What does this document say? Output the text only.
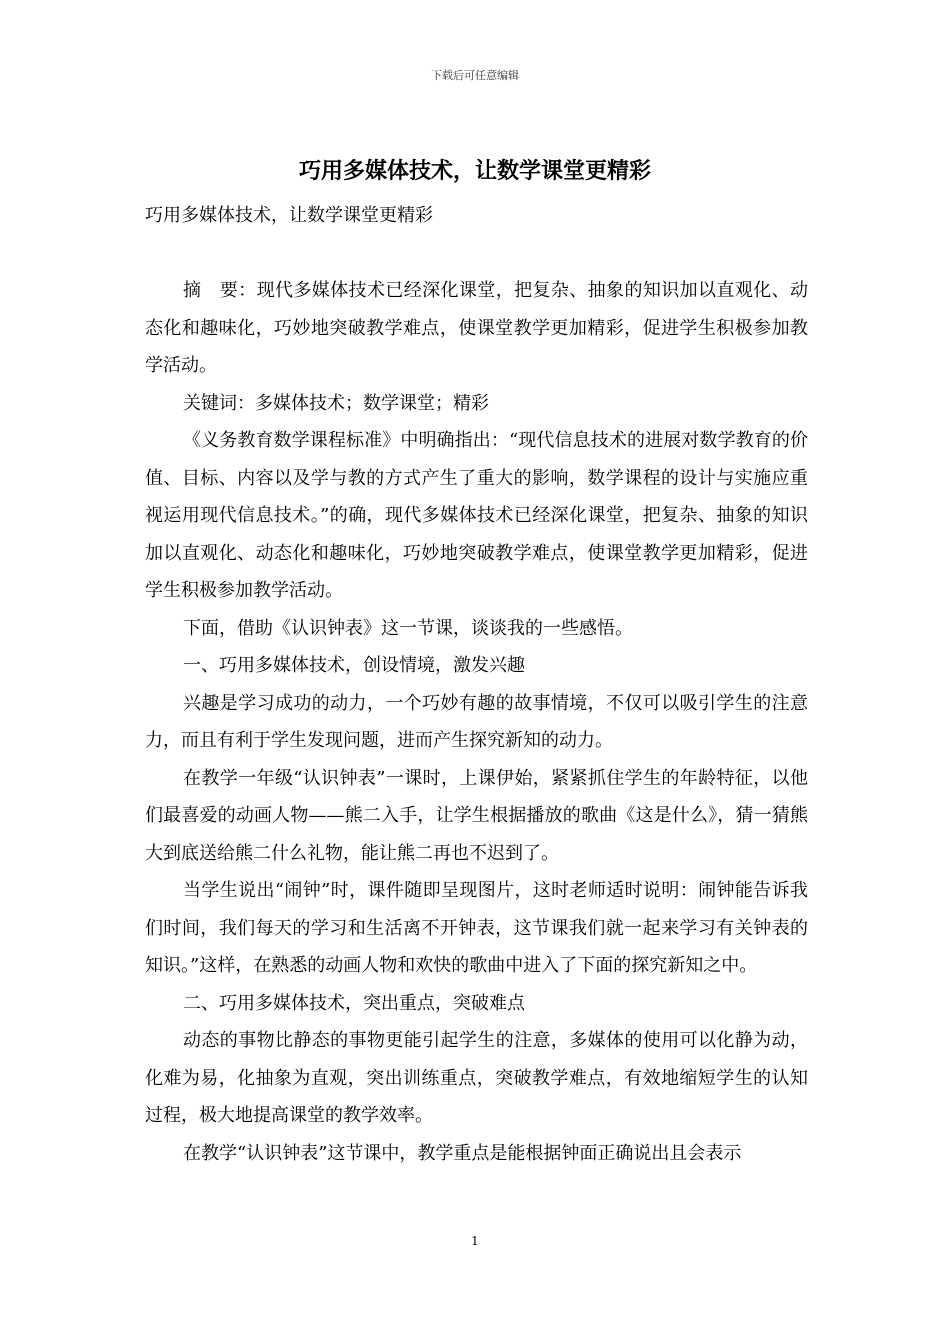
下载后可任意编辑
巧用多媒体技术，让数学课堂更精彩

巧用多媒体技术，让数学课堂更精彩

摘　要：现代多媒体技术已经深化课堂，把复杂、抽象的知识加以直观化、动态化和趣味化，巧妙地突破教学难点，使课堂教学更加精彩，促进学生积极参加教学活动。

关键词：多媒体技术；数学课堂；精彩

《义务教育数学课程标准》中明确指出：“现代信息技术的进展对数学教育的价值、目标、内容以及学与教的方式产生了重大的影响，数学课程的设计与实施应重视运用现代信息技术。”的确，现代多媒体技术已经深化课堂，把复杂、抽象的知识加以直观化、动态化和趣味化，巧妙地突破教学难点，使课堂教学更加精彩，促进学生积极参加教学活动。

下面，借助《认识钟表》这一节课，谈谈我的一些感悟。

一、巧用多媒体技术，创设情境，激发兴趣

兴趣是学习成功的动力，一个巧妙有趣的故事情境，不仅可以吸引学生的注意力，而且有利于学生发现问题，进而产生探究新知的动力。

在教学一年级“认识钟表”一课时，上课伊始，紧紧抓住学生的年龄特征，以他们最喜爱的动画人物——熊二入手，让学生根据播放的歌曲《这是什么》，猜一猜熊大到底送给熊二什么礼物，能让熊二再也不迟到了。

当学生说出“闹钟”时，课件随即呈现图片，这时老师适时说明：闹钟能告诉我们时间，我们每天的学习和生活离不开钟表，这节课我们就一起来学习有关钟表的知识。”这样，在熟悉的动画人物和欢快的歌曲中进入了下面的探究新知之中。

二、巧用多媒体技术，突出重点，突破难点

动态的事物比静态的事物更能引起学生的注意，多媒体的使用可以化静为动，化难为易，化抽象为直观，突出训练重点，突破教学难点，有效地缩短学生的认知过程，极大地提高课堂的教学效率。

在教学“认识钟表”这节课中，教学重点是能根据钟面正确说出且会表示

1
